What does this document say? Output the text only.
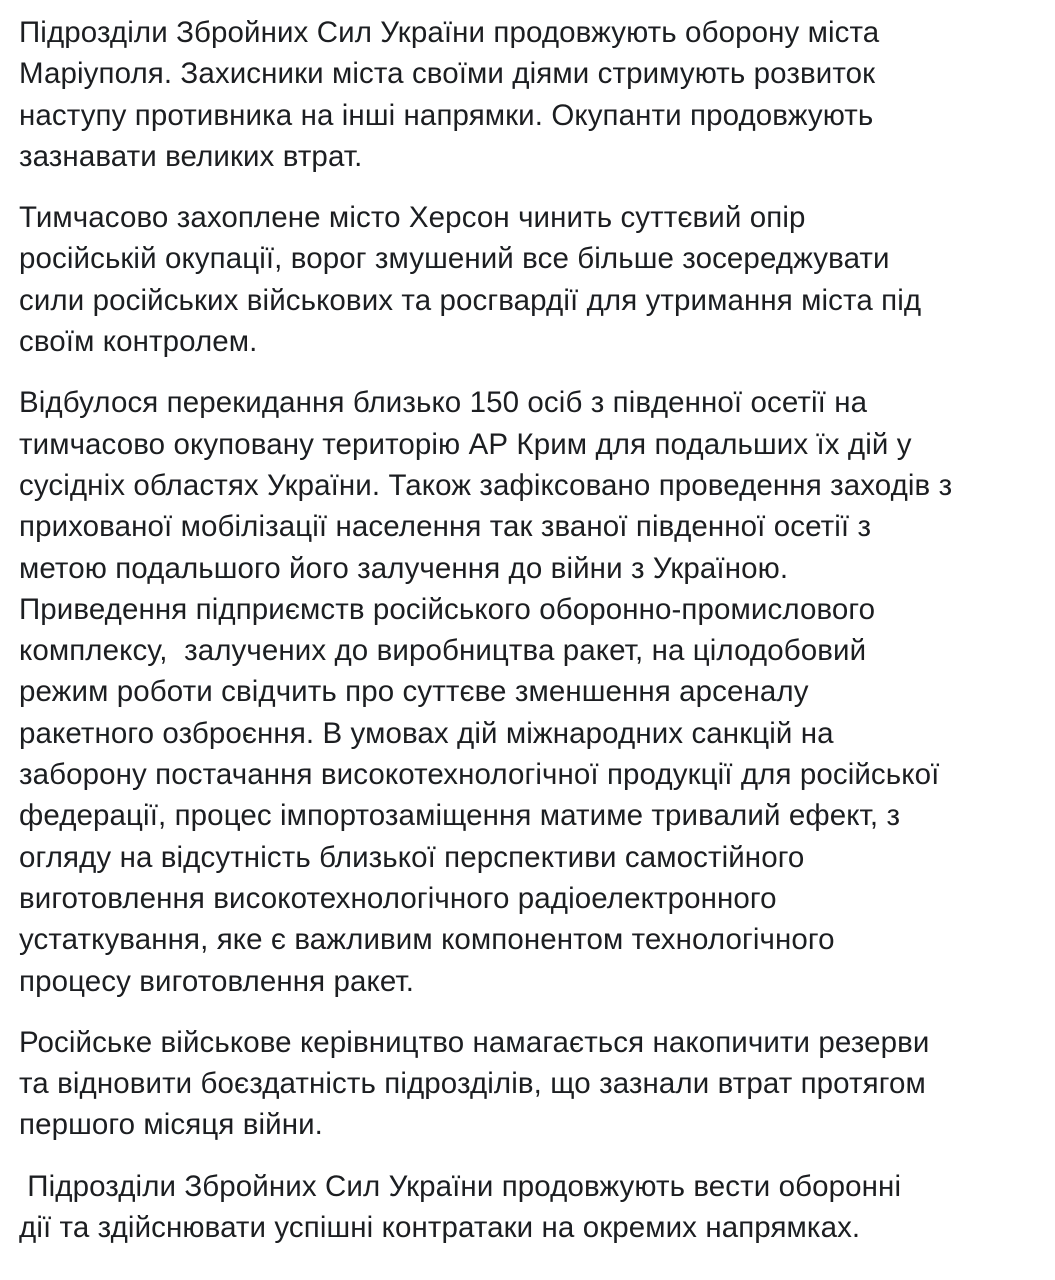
Підрозділи Збройних Сил України продовжують оборону міста
Маріуполя. Захисники міста своїми діями стримують розвиток
наступу противника на інші напрямки. Окупанти продовжують
зазнавати великих втрат.

Тимчасово захоплене місто Херсон чинить суттєвий опір
російській окупації, ворог змушений все більше зосереджувати
сили російських військових та росгвардії для утримання міста під
своїм контролем.

Відбулося перекидання близько 150 осіб з південної осетії на
тимчасово окуповану територію АР Крим для подальших їх дій у
сусідніх областях України. Також зафіксовано проведення заходів з
прихованої мобілізації населення так званої південної осетії з
метою подальшого його залучення до війни з Україною.
Приведення підприємств російського оборонно-промислового
комплексу,  залучених до виробництва ракет, на цілодобовий
режим роботи свідчить про суттєве зменшення арсеналу
ракетного озброєння. В умовах дій міжнародних санкцій на
заборону постачання високотехнологічної продукції для російської
федерації, процес імпортозаміщення матиме тривалий ефект, з
огляду на відсутність близької перспективи самостійного
виготовлення високотехнологічного радіоелектронного
устаткування, яке є важливим компонентом технологічного
процесу виготовлення ракет.

Російське військове керівництво намагається накопичити резерви
та відновити боєздатність підрозділів, що зазнали втрат протягом
першого місяця війни.

Підрозділи Збройних Сил України продовжують вести оборонні
дії та здійснювати успішні контратаки на окремих напрямках.
